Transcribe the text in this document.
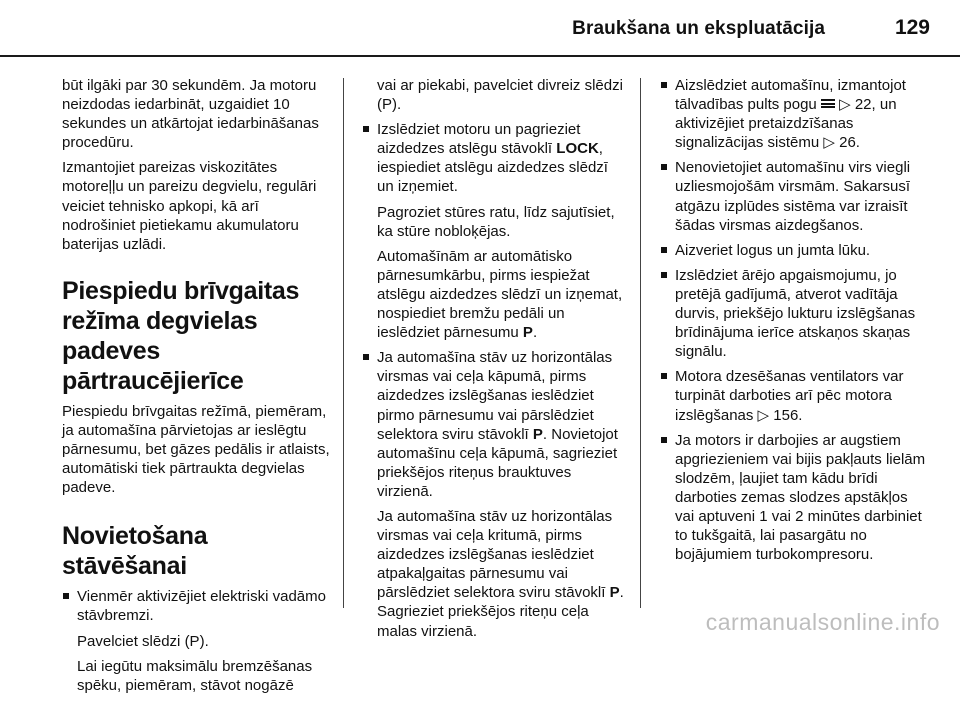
Braukšana un ekspluatācija	129

būt ilgāki par 30 sekundēm. Ja motoru neizdodas iedarbināt, uzgaidiet 10 sekundes un atkārtojat iedarbināšanas procedūru.

Izmantojiet pareizas viskozitātes motoreļļu un pareizu degvielu, regulāri veiciet tehnisko apkopi, kā arī nodrošiniet pietiekamu akumulatoru baterijas uzlādi.

Piespiedu brīvgaitas režīma degvielas padeves pārtraucējierīce

Piespiedu brīvgaitas režīmā, piemēram, ja automašīna pārvietojas ar ieslēgtu pārnesumu, bet gāzes pedālis ir atlaists, automātiski tiek pārtraukta degvielas padeve.

Novietošana stāvēšanai
Vienmēr aktivizējiet elektriski vadāmo stāvbremzi.

Pavelciet slēdzi (P).

Lai iegūtu maksimālu bremzēšanas spēku, piemēram, stāvot nogāzē

vai ar piekabi, pavelciet divreiz slēdzi (P).

Izslēdziet motoru un pagrieziet aizdedzes atslēgu stāvoklī LOCK, iespiediet atslēgu aizdedzes slēdzī un izņemiet.

Pagroziet stūres ratu, līdz sajutīsiet, ka stūre nobloķējas.

Automašīnām ar automātisko pārnesumkārbu, pirms iespiežat atslēgu aizdedzes slēdzī un izņemat, nospiediet bremžu pedāli un ieslēdziet pārnesumu P.

Ja automašīna stāv uz horizontālas virsmas vai ceļa kāpumā, pirms aizdedzes izslēgšanas ieslēdziet pirmo pārnesumu vai pārslēdziet selektora sviru stāvoklī P. Novietojot automašīnu ceļa kāpumā, sagrieziet priekšējos riteņus brauktuves virzienā.

Ja automašīna stāv uz horizontālas virsmas vai ceļa kritumā, pirms aizdedzes izslēgšanas ieslēdziet atpakaļgaitas pārnesumu vai pārslēdziet selektora sviru stāvoklī P. Sagrieziet priekšējos riteņu ceļa malas virzienā.

Aizslēdziet automašīnu, izmantojot tālvadības pults pogu  ▷ 22, un aktivizējiet pretaizdzīšanas signalizācijas sistēmu ▷ 26.
Nenovietojiet automašīnu virs viegli uzliesmojošām virsmām. Sakarsusī atgāzu izplūdes sistēma var izraisīt šādas virsmas aizdegšanos.
Aizveriet logus un jumta lūku.
Izslēdziet ārējo apgaismojumu, jo pretējā gadījumā, atverot vadītāja durvis, priekšējo lukturu izslēgšanas brīdinājuma ierīce atskaņos skaņas signālu.
Motora dzesēšanas ventilators var turpināt darboties arī pēc motora izslēgšanas ▷ 156.
Ja motors ir darbojies ar augstiem apgriezieniem vai bijis pakļauts lielām slodzēm, ļaujiet tam kādu brīdi darboties zemas slodzes apstākļos vai aptuveni 1 vai 2 minūtes darbiniet to tukšgaitā, lai pasargātu no bojājumiem turbokompresoru.
carmanualsonline.info
